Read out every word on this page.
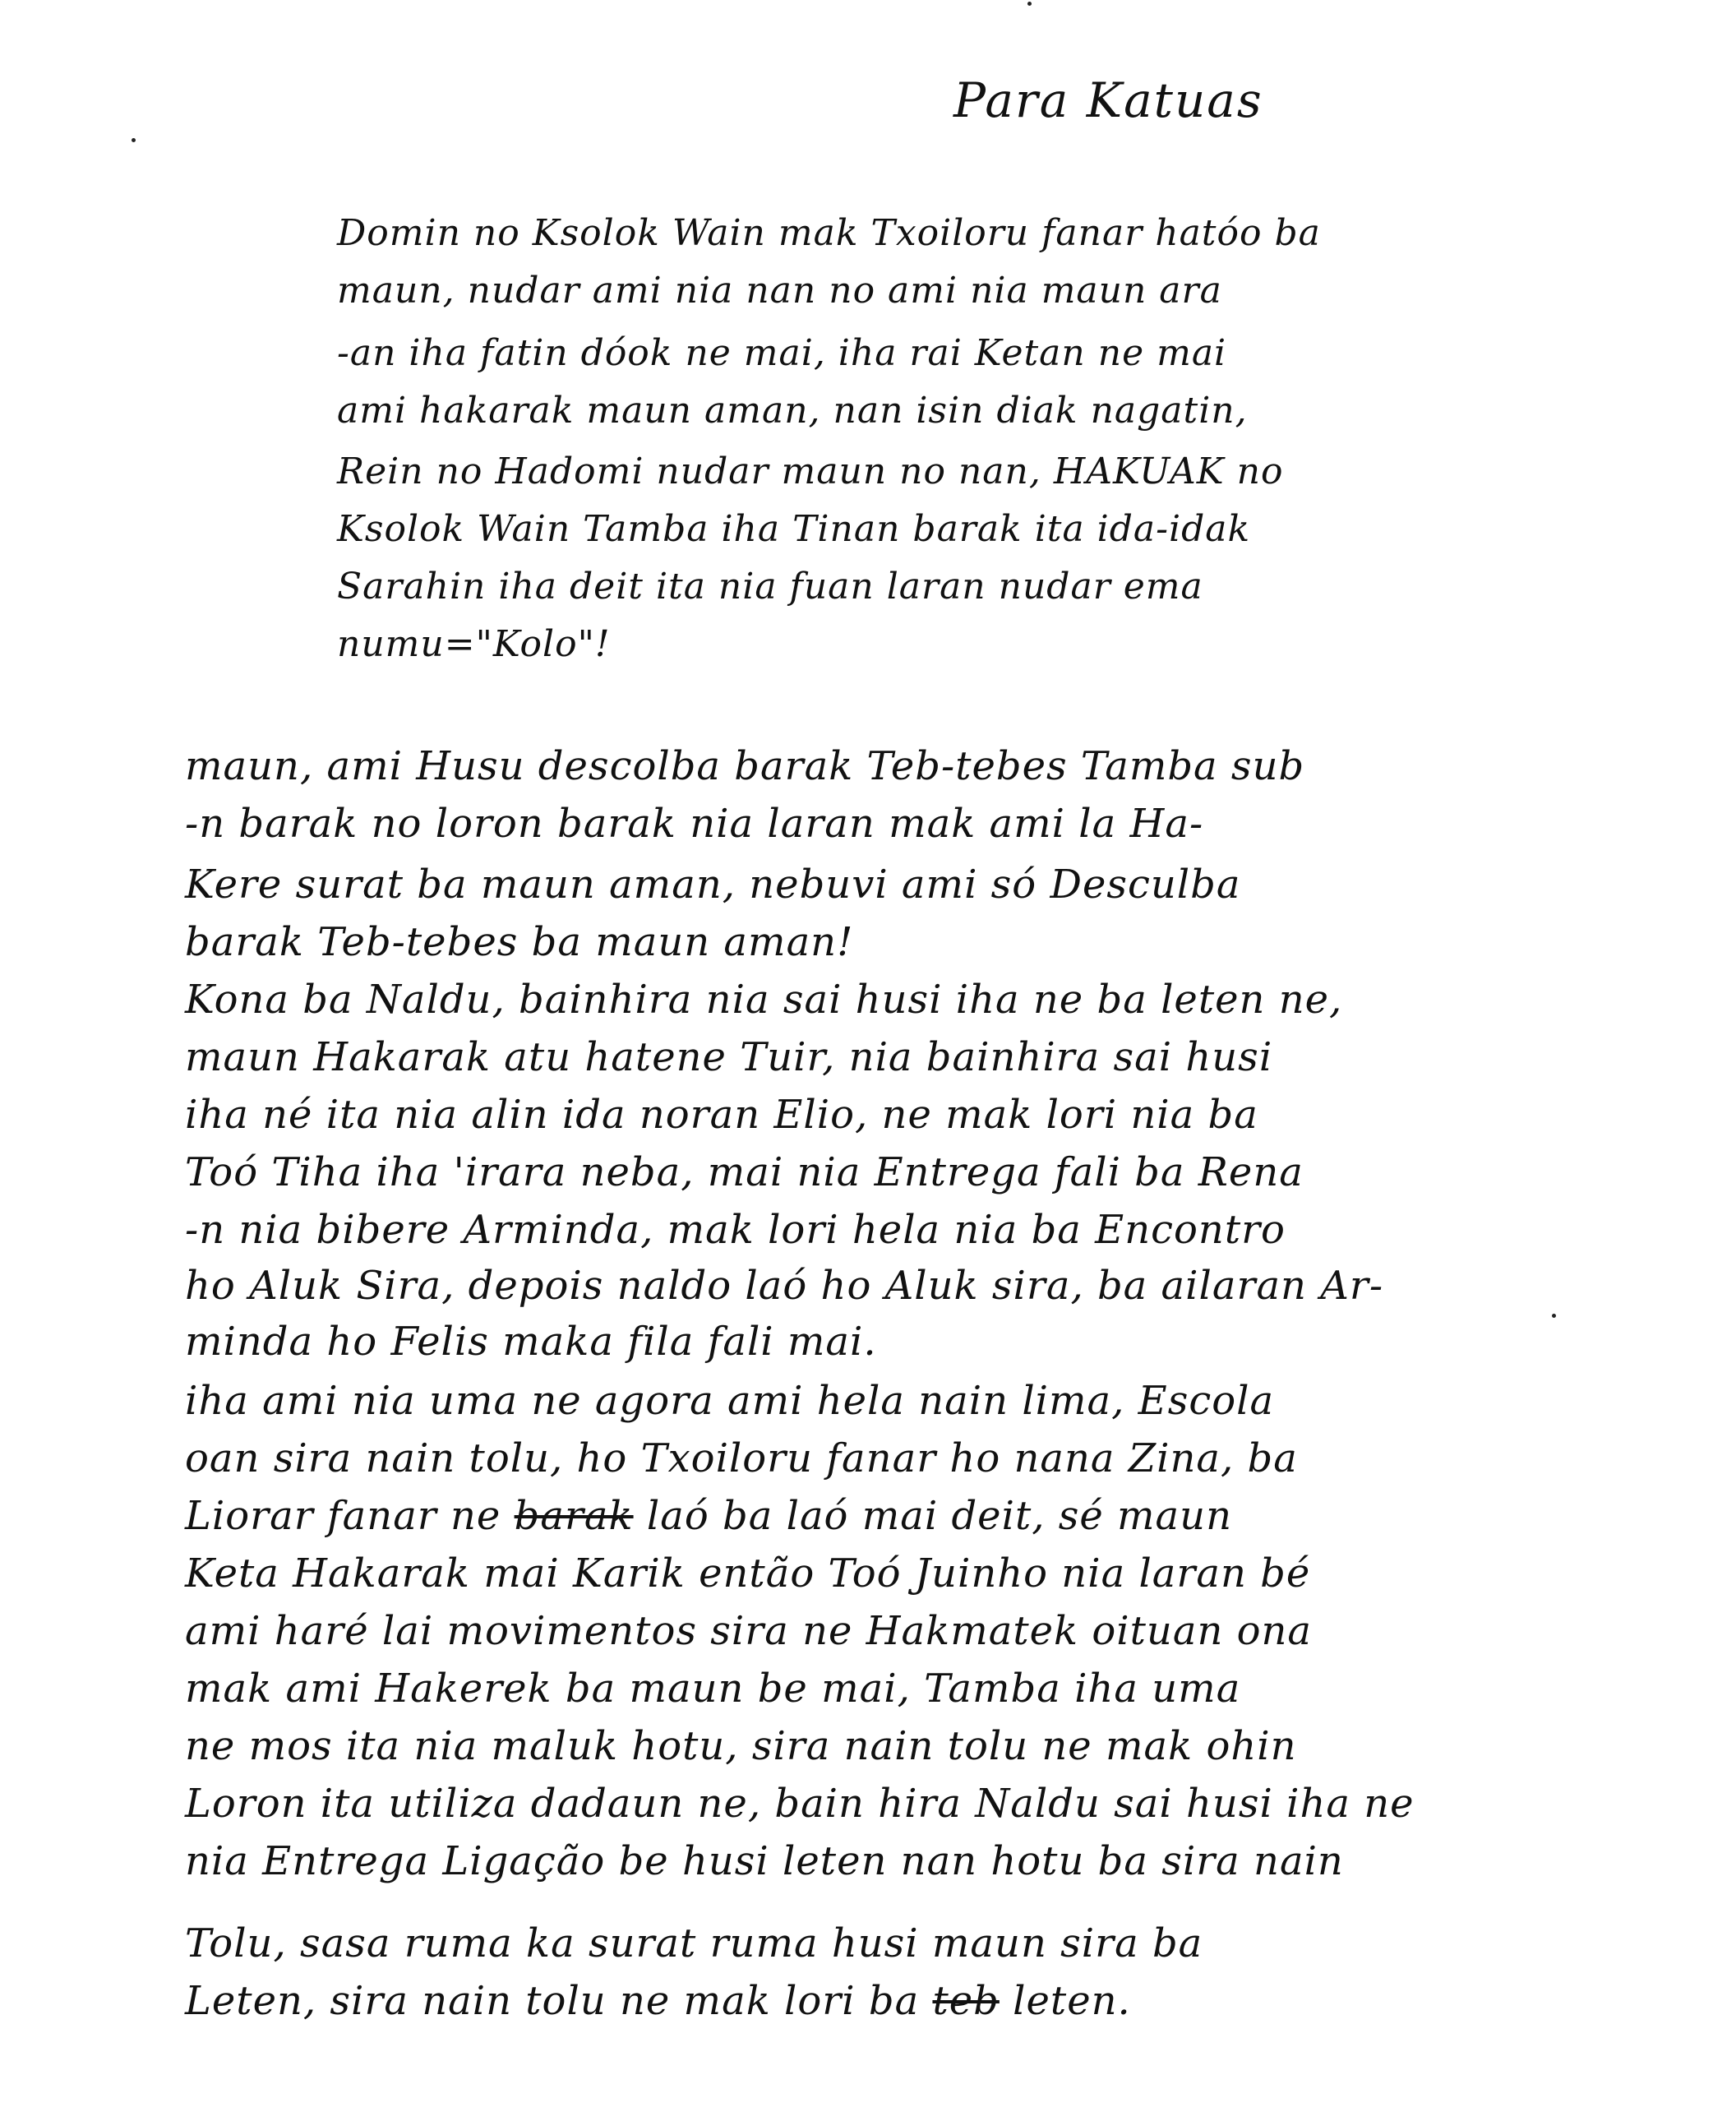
Para Katuas
Domin no Ksolok Wain mak Txoiloru fanar hatóo ba
maun, nudar ami nia nan no ami nia maun ara
-an iha fatin dóok ne mai, iha rai Ketan ne mai
ami hakarak maun aman, nan isin diak nagatin,
Rein no Hadomi nudar maun no nan, HAKUAK no
Ksolok Wain Tamba iha Tinan barak ita ida-idak
Sarahin iha deit ita nia fuan laran nudar ema
numu="Kolo"!
maun, ami Husu descolba barak Teb-tebes Tamba sub
-n barak no loron barak nia laran mak ami la Ha-
Kere surat ba maun aman, nebuvi ami só Desculba
barak Teb-tebes ba maun aman!
Kona ba Naldu, bainhira nia sai husi iha ne ba leten ne,
maun Hakarak atu hatene Tuir, nia bainhira sai husi
iha né ita nia alin ida noran Elio, ne mak lori nia ba
Toó Tiha iha 'irara neba, mai nia Entrega fali ba Rena
-n nia bibere Arminda, mak lori hela nia ba Encontro
ho Aluk Sira, depois naldo laó ho Aluk sira, ba ailaran Ar-
minda ho Felis maka fila fali mai.
iha ami nia uma ne agora ami hela nain lima, Escola
oan sira nain tolu, ho Txoiloru fanar ho nana Zina, ba
Liorar fanar ne barak laó ba laó mai deit, sé maun
Keta Hakarak mai Karik então Toó Juinho nia laran bé
ami haré lai movimentos sira ne Hakmatek oituan ona
mak ami Hakerek ba maun be mai, Tamba iha uma
ne mos ita nia maluk hotu, sira nain tolu ne mak ohin
Loron ita utiliza dadaun ne, bain hira Naldu sai husi iha ne
nia Entrega Ligação be husi leten nan hotu ba sira nain
Tolu, sasa ruma ka surat ruma husi maun sira ba
Leten, sira nain tolu ne mak lori ba teb leten.
